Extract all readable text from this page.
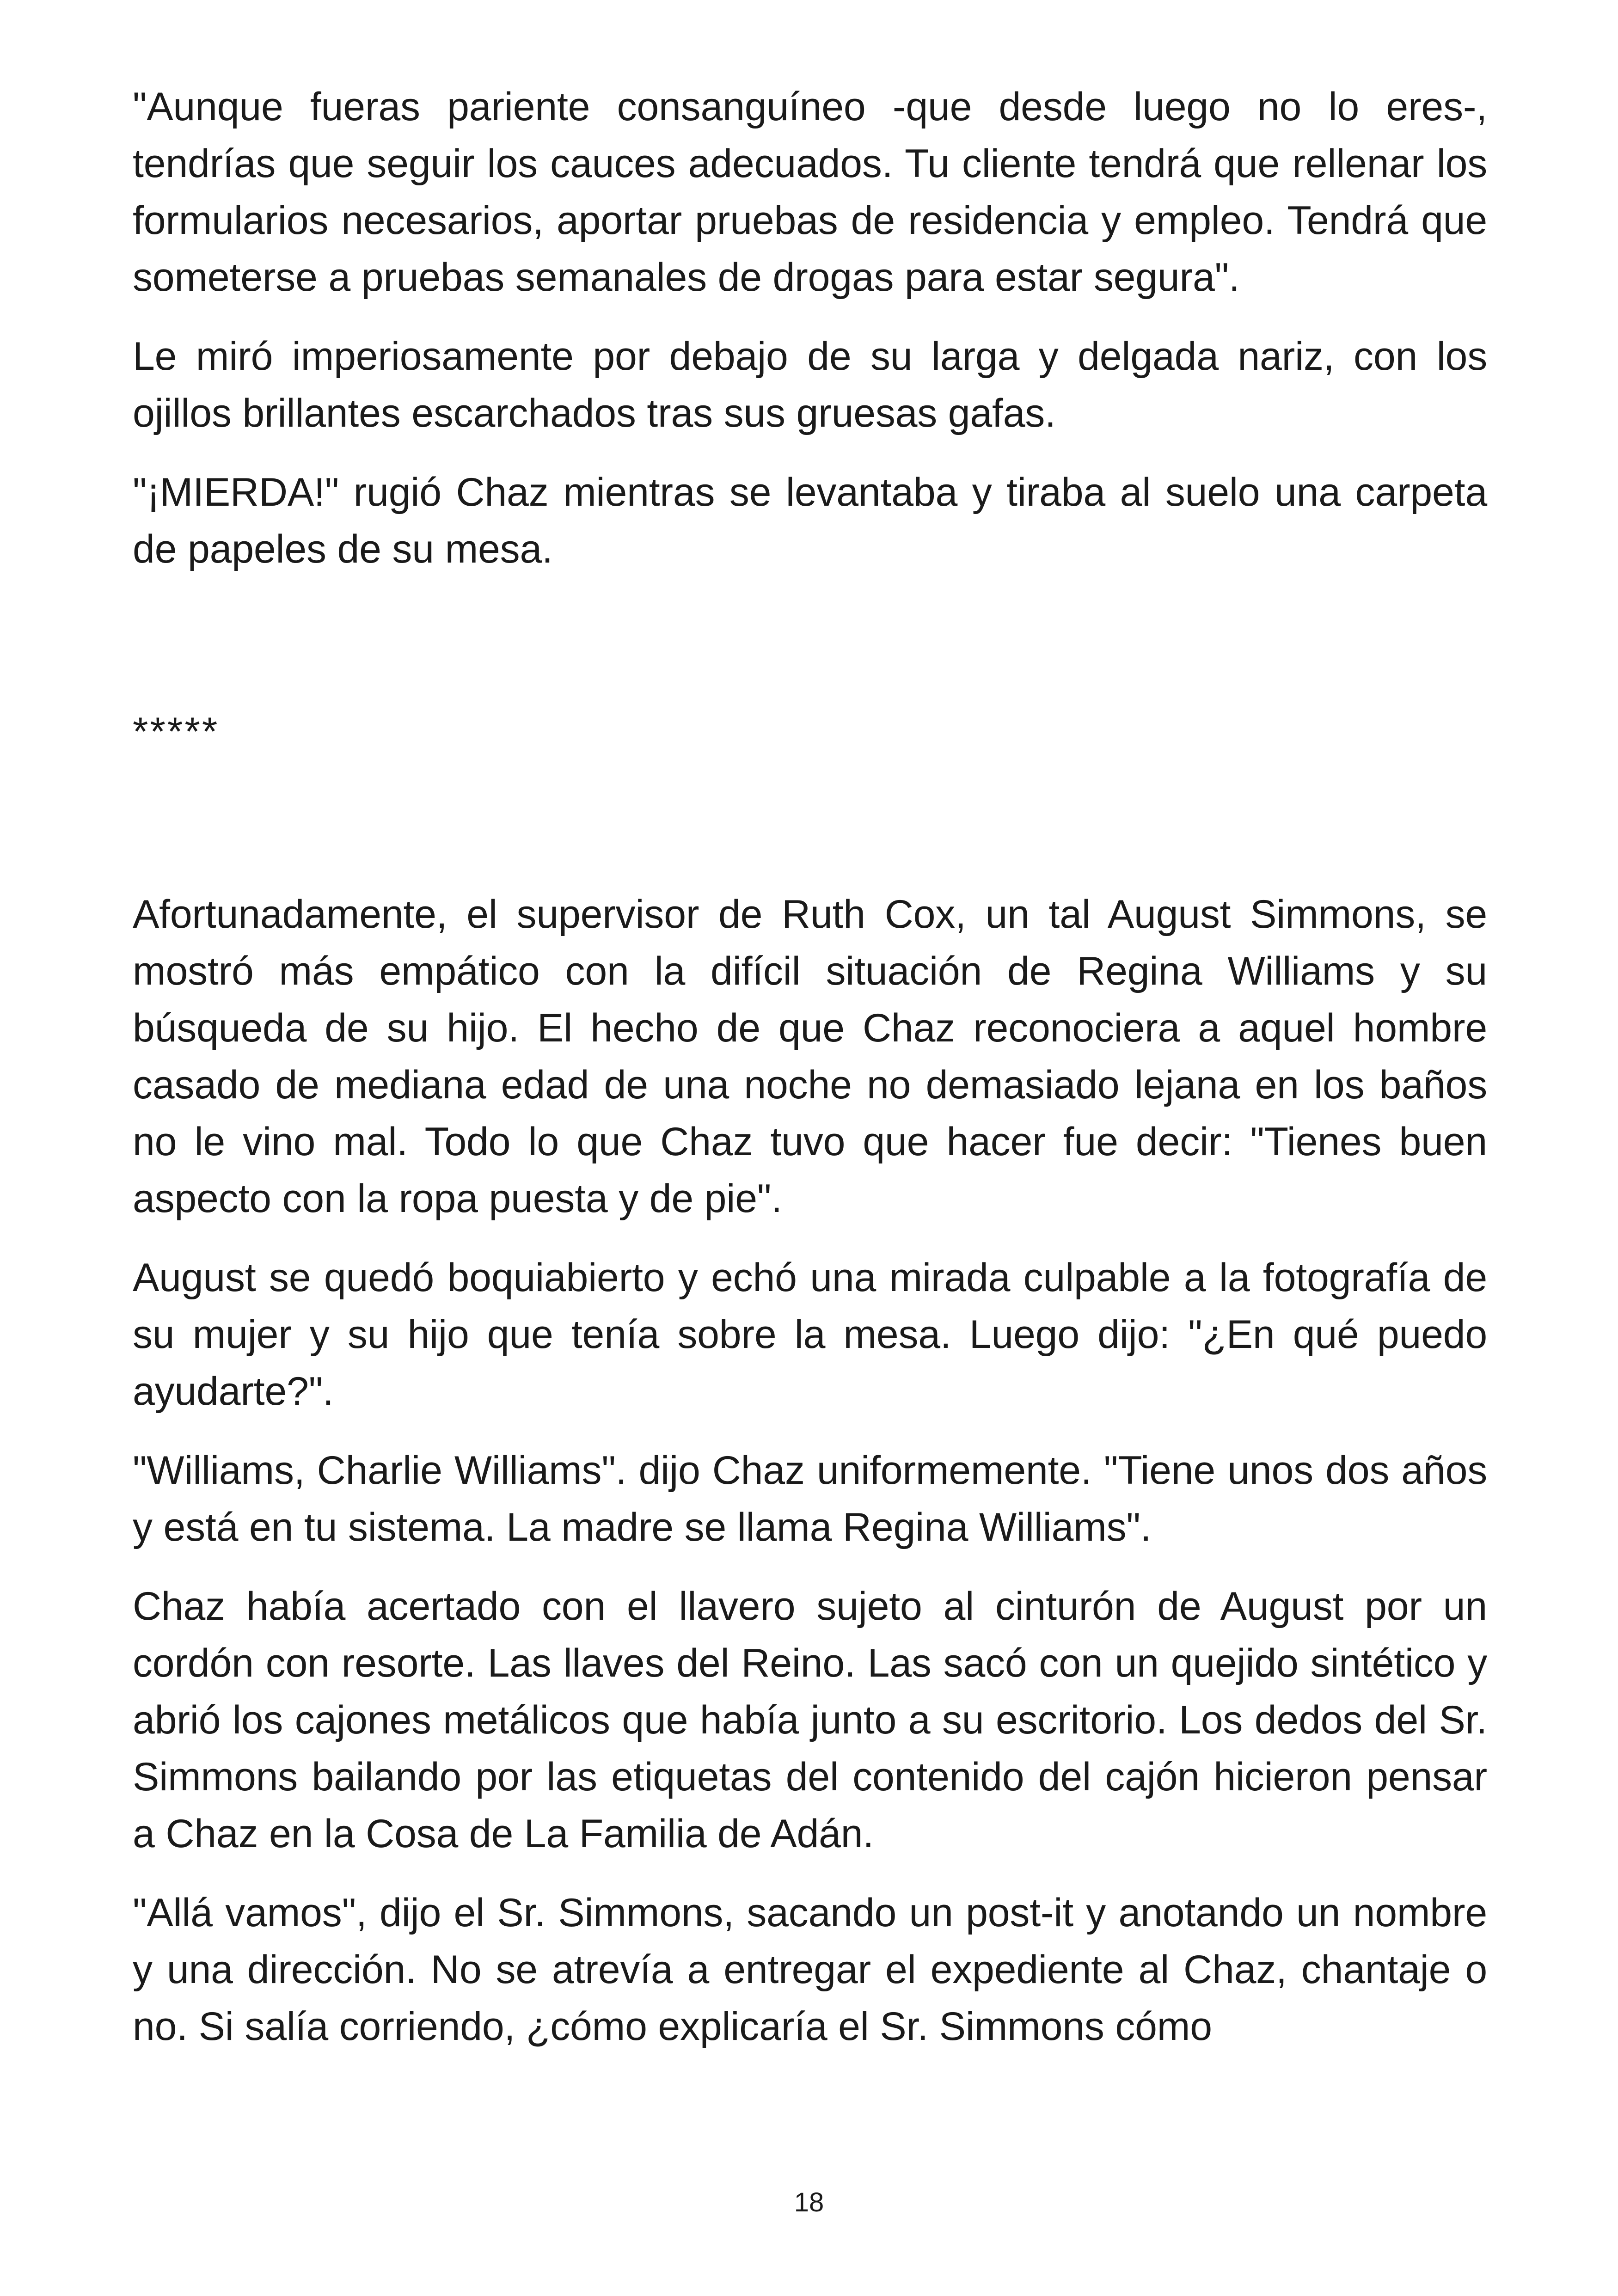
"Aunque fueras pariente consanguíneo -que desde luego no lo eres-, tendrías que seguir los cauces adecuados. Tu cliente tendrá que rellenar los formularios necesarios, aportar pruebas de residencia y empleo. Tendrá que someterse a pruebas semanales de drogas para estar segura".

Le miró imperiosamente por debajo de su larga y delgada nariz, con los ojillos brillantes escarchados tras sus gruesas gafas.

"¡MIERDA!" rugió Chaz mientras se levantaba y tiraba al suelo una carpeta de papeles de su mesa.

*****

Afortunadamente, el supervisor de Ruth Cox, un tal August Simmons, se mostró más empático con la difícil situación de Regina Williams y su búsqueda de su hijo. El hecho de que Chaz reconociera a aquel hombre casado de mediana edad de una noche no demasiado lejana en los baños no le vino mal. Todo lo que Chaz tuvo que hacer fue decir: "Tienes buen aspecto con la ropa puesta y de pie".

August se quedó boquiabierto y echó una mirada culpable a la fotografía de su mujer y su hijo que tenía sobre la mesa. Luego dijo: "¿En qué puedo ayudarte?".

"Williams, Charlie Williams". dijo Chaz uniformemente. "Tiene unos dos años y está en tu sistema. La madre se llama Regina Williams".

Chaz había acertado con el llavero sujeto al cinturón de August por un cordón con resorte. Las llaves del Reino. Las sacó con un quejido sintético y abrió los cajones metálicos que había junto a su escritorio. Los dedos del Sr. Simmons bailando por las etiquetas del contenido del cajón hicieron pensar a Chaz en la Cosa de La Familia de Adán.

"Allá vamos", dijo el Sr. Simmons, sacando un post-it y anotando un nombre y una dirección. No se atrevía a entregar el expediente al Chaz, chantaje o no. Si salía corriendo, ¿cómo explicaría el Sr. Simmons cómo

18
